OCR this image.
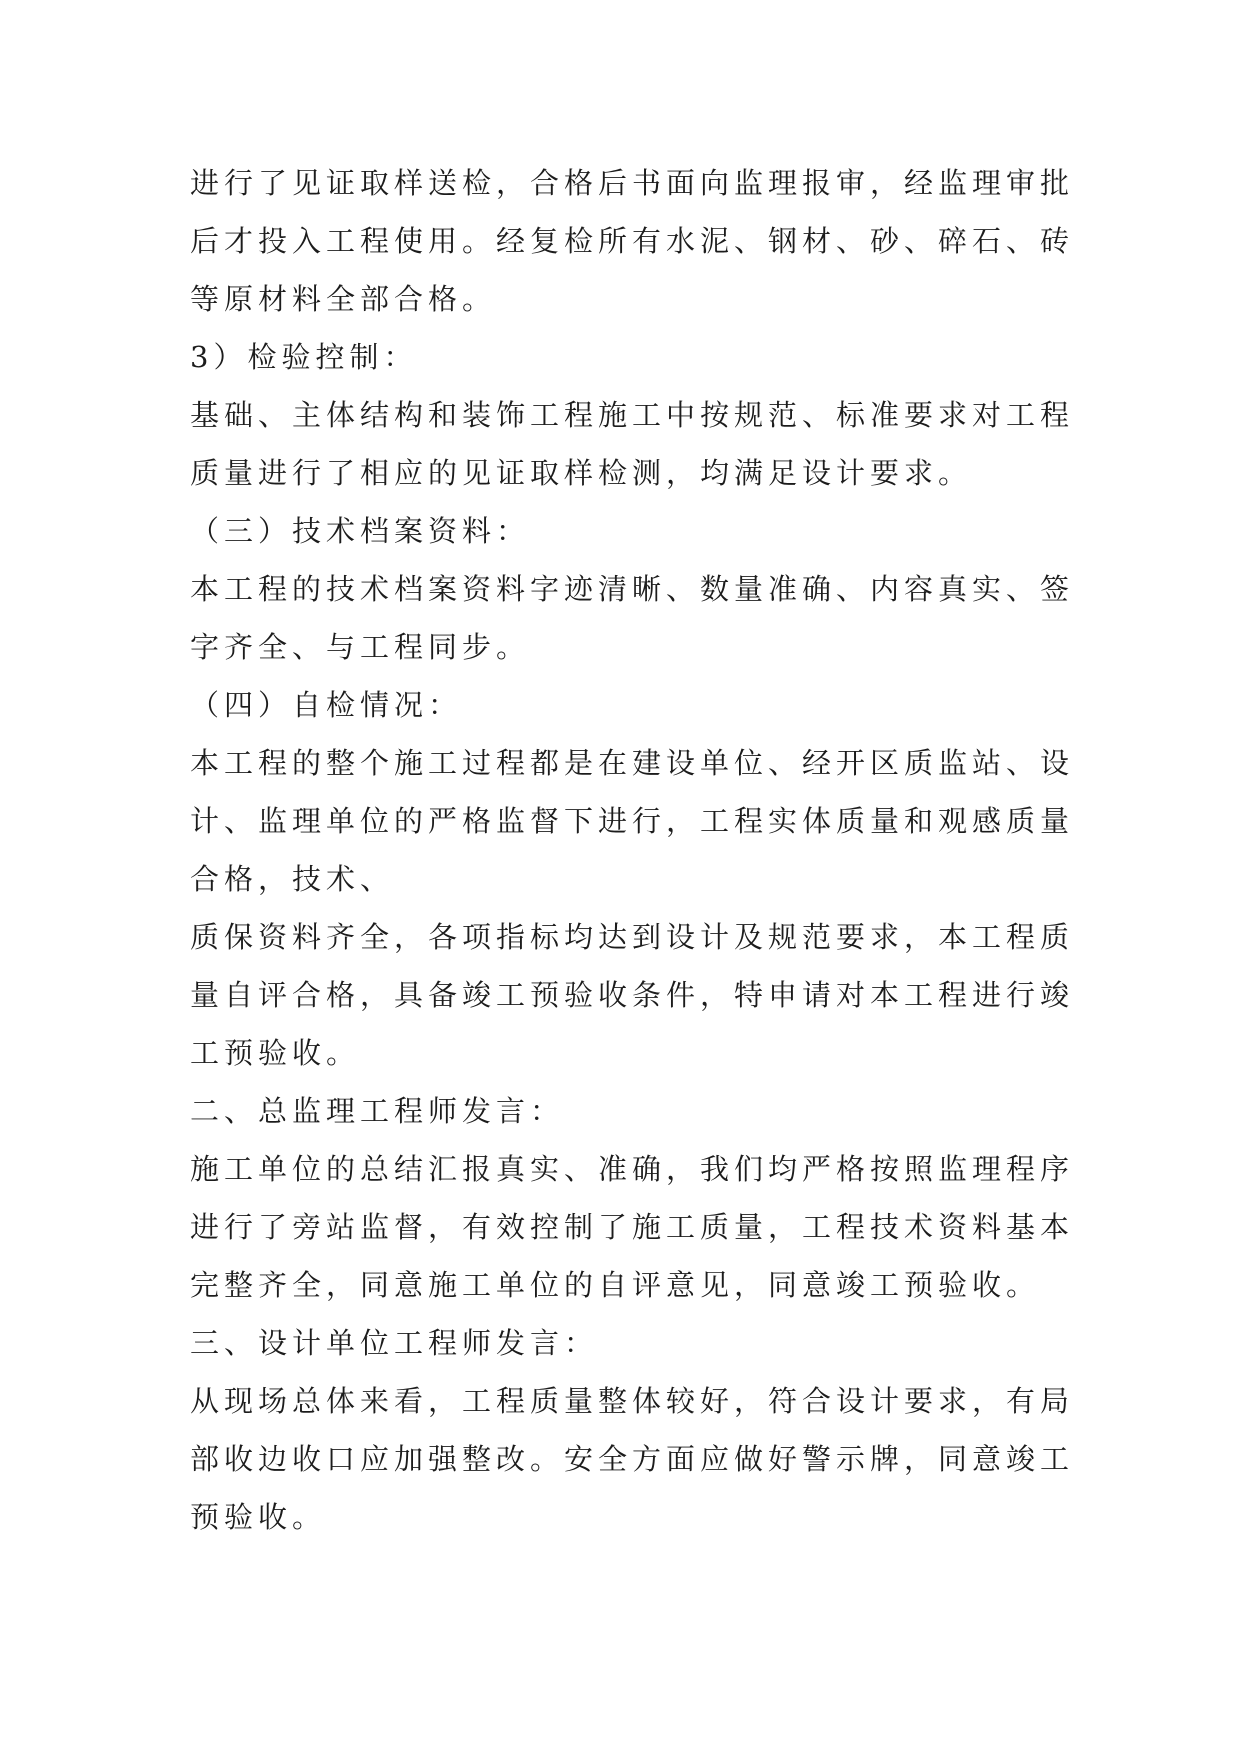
进行了见证取样送检，合格后书面向监理报审，经监理审批
后才投入工程使用。经复检所有水泥、钢材、砂、碎石、砖
等原材料全部合格。
3）检验控制：
基础、主体结构和装饰工程施工中按规范、标准要求对工程
质量进行了相应的见证取样检测，均满足设计要求。
（三）技术档案资料：
本工程的技术档案资料字迹清晰、数量准确、内容真实、签
字齐全、与工程同步。
（四）自检情况：
本工程的整个施工过程都是在建设单位、经开区质监站、设
计、监理单位的严格监督下进行，工程实体质量和观感质量
合格，技术、
质保资料齐全，各项指标均达到设计及规范要求，本工程质
量自评合格，具备竣工预验收条件，特申请对本工程进行竣
工预验收。
二、总监理工程师发言：
施工单位的总结汇报真实、准确，我们均严格按照监理程序
进行了旁站监督，有效控制了施工质量，工程技术资料基本
完整齐全，同意施工单位的自评意见，同意竣工预验收。
三、设计单位工程师发言：
从现场总体来看，工程质量整体较好，符合设计要求，有局
部收边收口应加强整改。安全方面应做好警示牌，同意竣工
预验收。
